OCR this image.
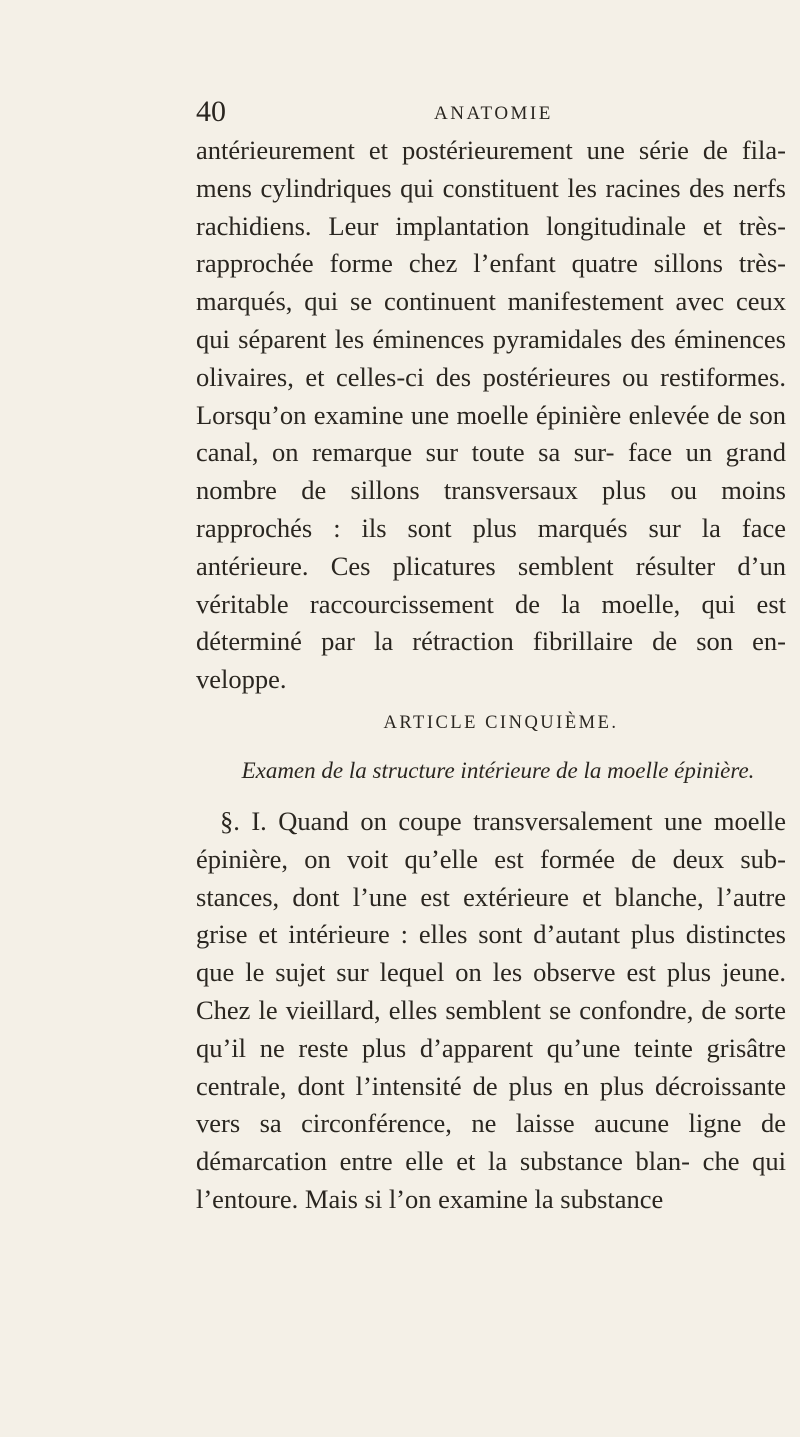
40	ANATOMIE

antérieurement et postérieurement une série de fila- mens cylindriques qui constituent les racines des nerfs rachidiens. Leur implantation longitudinale et très-rapprochée forme chez l’enfant quatre sillons très-marqués, qui se continuent manifestement avec ceux qui séparent les éminences pyramidales des éminences olivaires, et celles-ci des postérieures ou restiformes. Lorsqu’on examine une moelle épinière enlevée de son canal, on remarque sur toute sa sur- face un grand nombre de sillons transversaux plus ou moins rapprochés : ils sont plus marqués sur la face antérieure. Ces plicatures semblent résulter d’un véritable raccourcissement de la moelle, qui est déterminé par la rétraction fibrillaire de son en- veloppe.

ARTICLE CINQUIÈME.

Examen de la structure intérieure de la moelle épinière.

§. I. Quand on coupe transversalement une moelle épinière, on voit qu’elle est formée de deux sub- stances, dont l’une est extérieure et blanche, l’autre grise et intérieure : elles sont d’autant plus distinctes que le sujet sur lequel on les observe est plus jeune. Chez le vieillard, elles semblent se confondre, de sorte qu’il ne reste plus d’apparent qu’une teinte grisâtre centrale, dont l’intensité de plus en plus décroissante vers sa circonférence, ne laisse aucune ligne de démarcation entre elle et la substance blan- che qui l’entoure. Mais si l’on examine la substance
